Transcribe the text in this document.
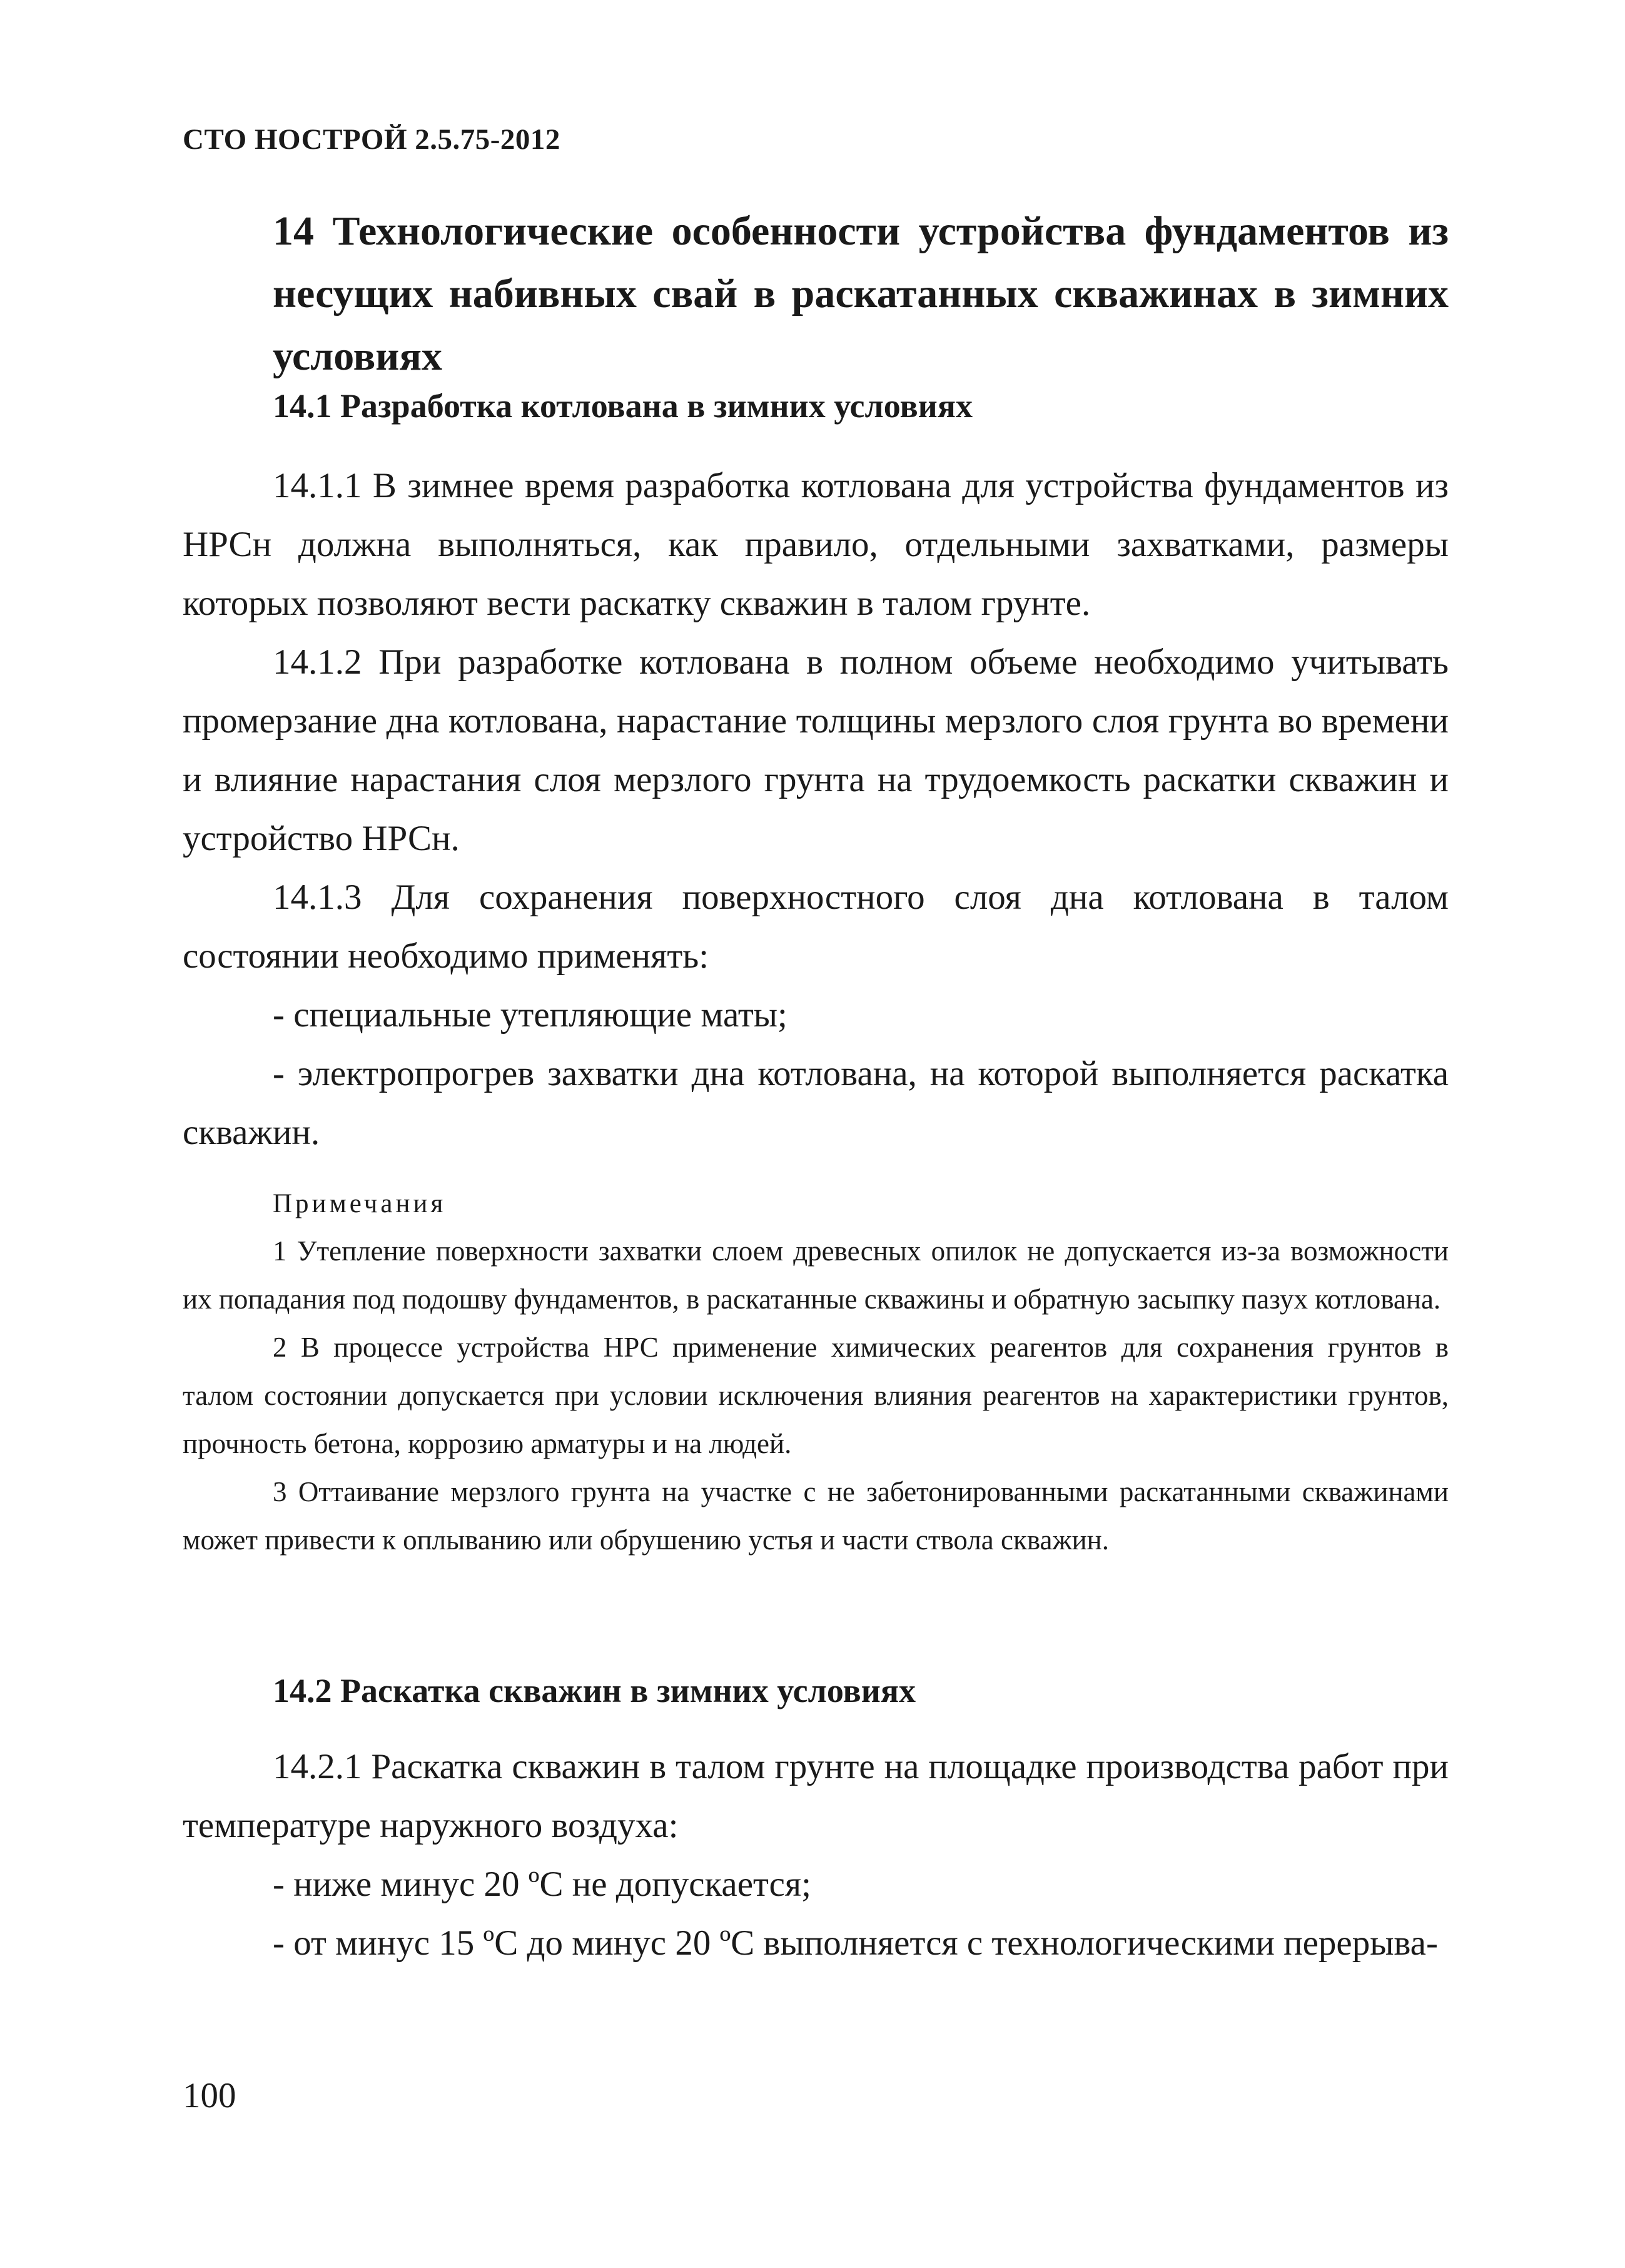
СТО НОСТРОЙ 2.5.75-2012
14 Технологические особенности устройства фундаментов из несущих набивных свай в раскатанных скважинах в зимних условиях
14.1 Разработка котлована в зимних условиях

14.1.1 В зимнее время разработка котлована для устройства фундаментов из НРСн должна выполняться, как правило, отдельными захватками, размеры которых позволяют вести раскатку скважин в талом грунте.

14.1.2 При разработке котлована в полном объеме необходимо учитывать промерзание дна котлована, нарастание толщины мерзлого слоя грунта во времени и влияние нарастания слоя мерзлого грунта на трудоемкость раскатки скважин и устройство НРСн.

14.1.3 Для сохранения поверхностного слоя дна котлована в талом состоянии необходимо применять:

- специальные утепляющие маты;

- электропрогрев захватки дна котлована, на которой выполняется раскатка скважин.

Примечания

1 Утепление поверхности захватки слоем древесных опилок не допускается из-за возможности их попадания под подошву фундаментов, в раскатанные скважины и обратную засыпку пазух котлована.

2 В процессе устройства НРС применение химических реагентов для сохранения грунтов в талом состоянии допускается при условии исключения влияния реагентов на характеристики грунтов, прочность бетона, коррозию арматуры и на людей.

3 Оттаивание мерзлого грунта на участке с не забетонированными раскатанными скважинами может привести к оплыванию или обрушению устья и части ствола скважин.

14.2 Раскатка скважин в зимних условиях

14.2.1 Раскатка скважин в талом грунте на площадке производства работ при температуре наружного воздуха:

- ниже минус 20 ºС не допускается;

- от минус 15 ºС до минус 20 ºС выполняется с технологическими перерыва-

100
